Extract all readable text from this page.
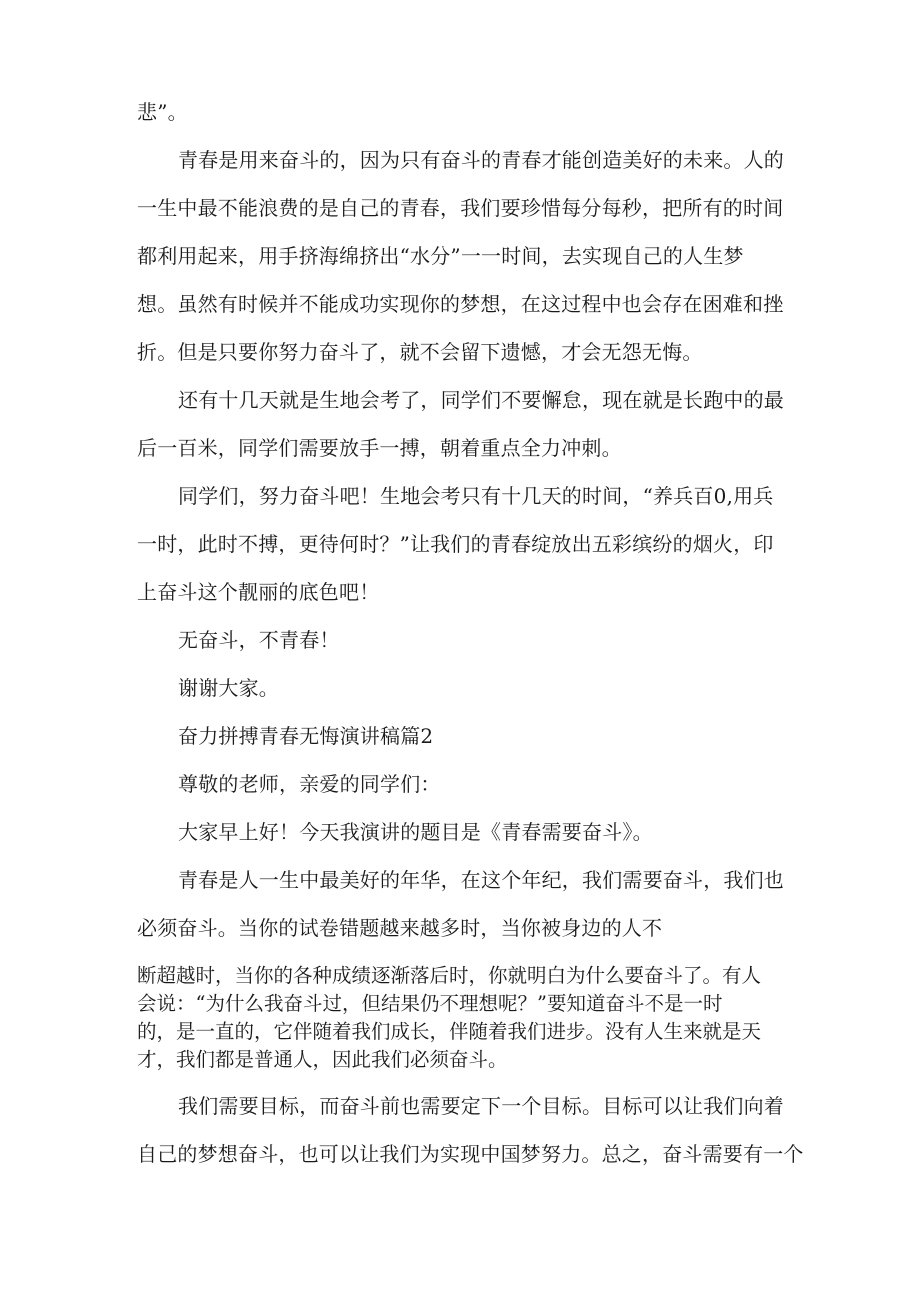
悲”。
青春是用来奋斗的，因为只有奋斗的青春才能创造美好的未来。人的
一生中最不能浪费的是自己的青春，我们要珍惜每分每秒，把所有的时间
都利用起来，用手挤海绵挤出“水分”一一时间，去实现自己的人生梦
想。虽然有时候并不能成功实现你的梦想，在这过程中也会存在困难和挫
折。但是只要你努力奋斗了，就不会留下遗憾，才会无怨无悔。
还有十几天就是生地会考了，同学们不要懈怠，现在就是长跑中的最
后一百米，同学们需要放手一搏，朝着重点全力冲刺。
同学们，努力奋斗吧！生地会考只有十几天的时间，“养兵百0,用兵
一时，此时不搏，更待何时？”让我们的青春绽放出五彩缤纷的烟火，印
上奋斗这个靓丽的底色吧！
无奋斗，不青春！
谢谢大家。
奋力拼搏青春无悔演讲稿篇2
尊敬的老师，亲爱的同学们：
大家早上好！今天我演讲的题目是《青春需要奋斗》。
青春是人一生中最美好的年华，在这个年纪，我们需要奋斗，我们也
必须奋斗。当你的试卷错题越来越多时，当你被身边的人不
断超越时，当你的各种成绩逐渐落后时，你就明白为什么要奋斗了。有人
会说：“为什么我奋斗过，但结果仍不理想呢？”要知道奋斗不是一时
的，是一直的，它伴随着我们成长，伴随着我们进步。没有人生来就是天
才，我们都是普通人，因此我们必须奋斗。
我们需要目标，而奋斗前也需要定下一个目标。目标可以让我们向着
自己的梦想奋斗，也可以让我们为实现中国梦努力。总之，奋斗需要有一个
